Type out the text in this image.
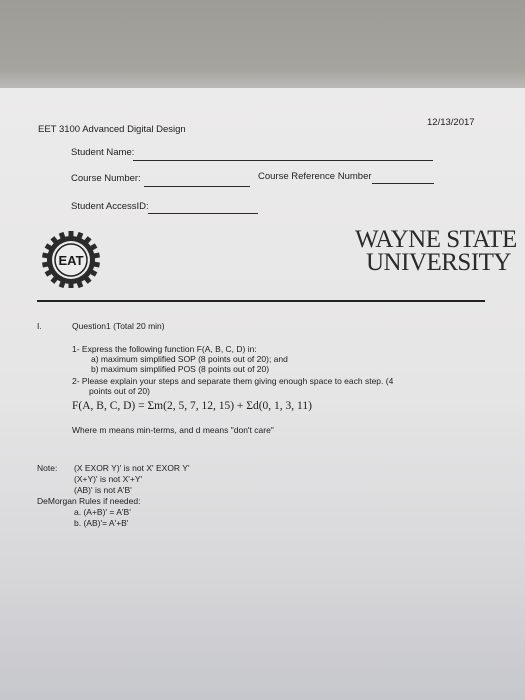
EET 3100 Advanced Digital Design
12/13/2017
Student Name:
Course Number:	Course Reference Number
Student AccessID:
EAT
WAYNE STATE
UNIVERSITY
I.	Question1 (Total 20 min)
1- Express the following function F(A, B, C, D) in:
a) maximum simplified SOP (8 points out of 20); and
b) maximum simplified POS (8 points out of 20)
2- Please explain your steps and separate them giving enough space to each step. (4
points out of 20)
F(A, B, C, D) = Σm(2, 5, 7, 12, 15) + Σd(0, 1, 3, 11)
Where m means min-terms, and d means "don't care"
Note: (X EXOR Y)' is not X' EXOR Y'
(X+Y)' is not X'+Y'
(AB)' is not A'B'
DeMorgan Rules if needed:
a. (A+B)' = A'B'
b. (AB)'= A'+B'
